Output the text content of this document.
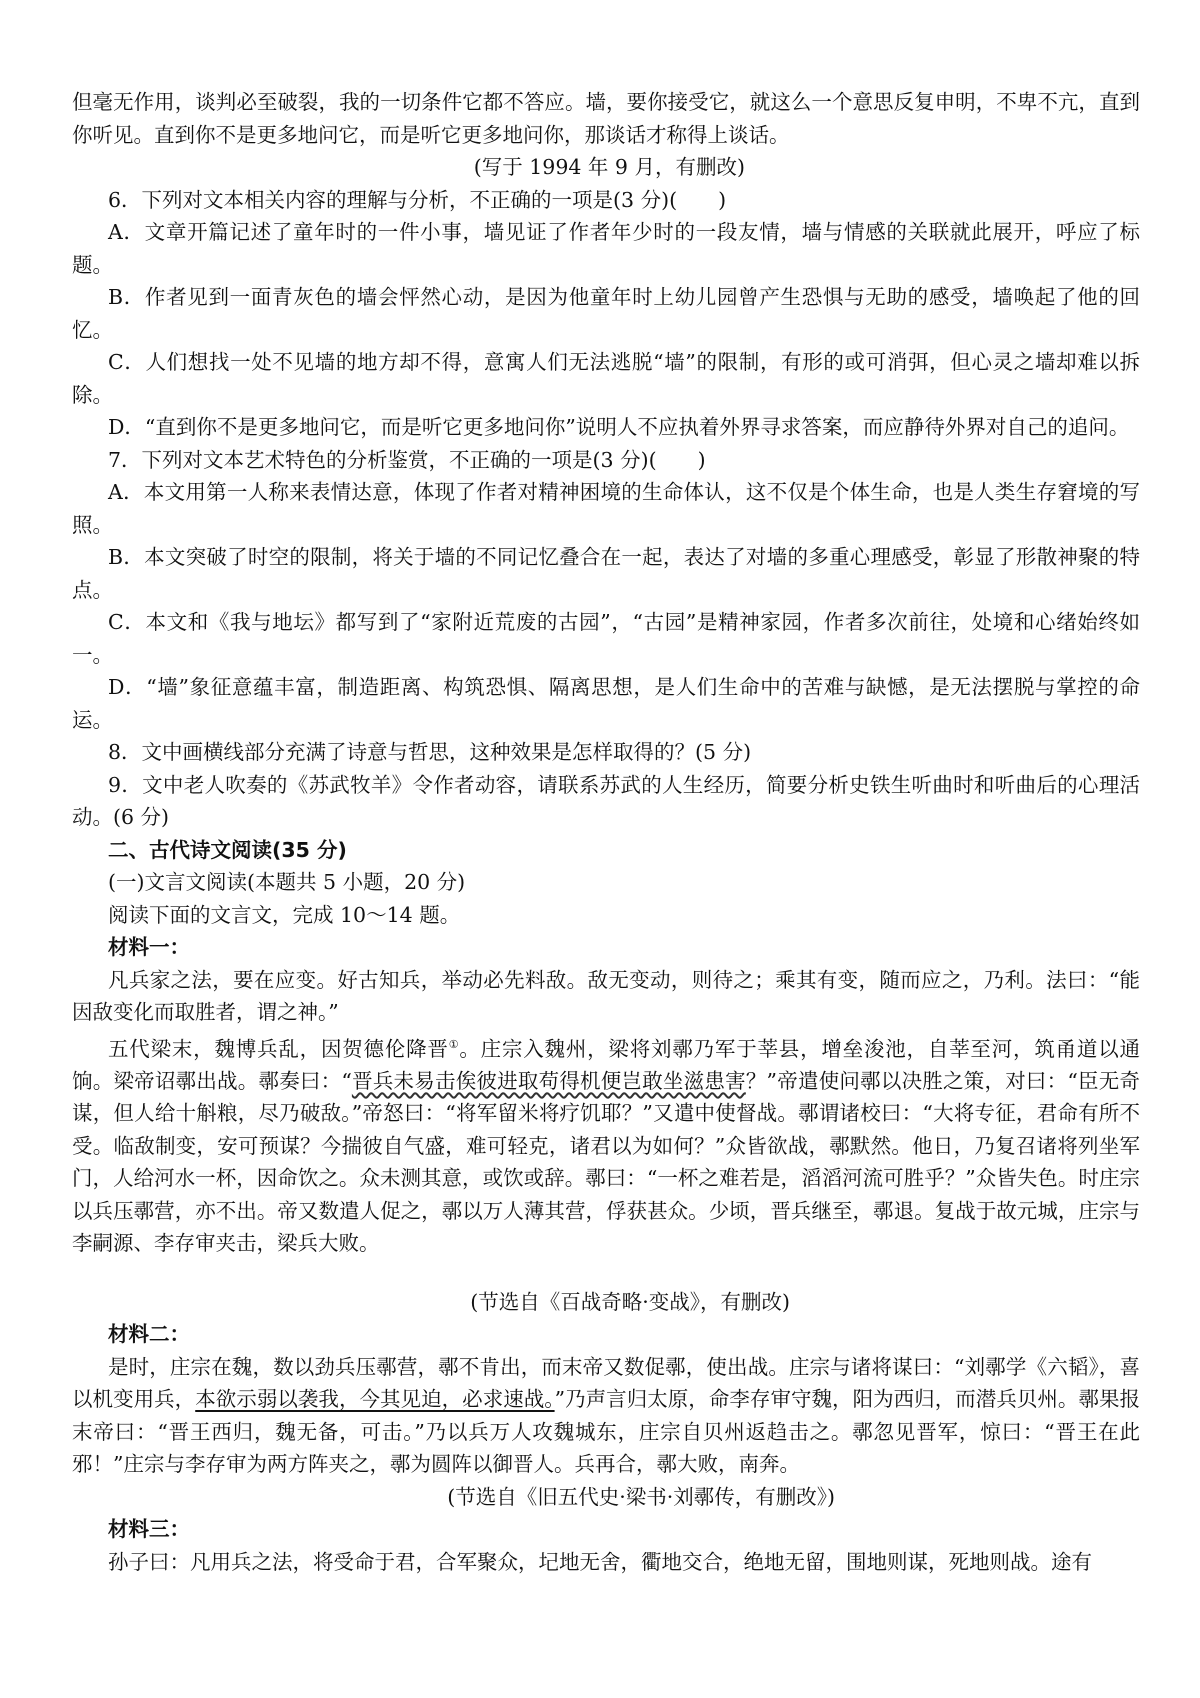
但毫无作用，谈判必至破裂，我的一切条件它都不答应。墙，要你接受它，就这么一个意思反复申明，不卑不亢，直到你听见。直到你不是更多地问它，而是听它更多地问你，那谈话才称得上谈话。

(写于 1994 年 9 月，有删改)

6．下列对文本相关内容的理解与分析，不正确的一项是(3 分)(　　)

A．文章开篇记述了童年时的一件小事，墙见证了作者年少时的一段友情，墙与情感的关联就此展开，呼应了标题。

B．作者见到一面青灰色的墙会怦然心动，是因为他童年时上幼儿园曾产生恐惧与无助的感受，墙唤起了他的回忆。

C．人们想找一处不见墙的地方却不得，意寓人们无法逃脱“墙”的限制，有形的或可消弭，但心灵之墙却难以拆除。

D．“直到你不是更多地问它，而是听它更多地问你”说明人不应执着外界寻求答案，而应静待外界对自己的追问。

7．下列对文本艺术特色的分析鉴赏，不正确的一项是(3 分)(　　)

A．本文用第一人称来表情达意，体现了作者对精神困境的生命体认，这不仅是个体生命，也是人类生存窘境的写照。

B．本文突破了时空的限制，将关于墙的不同记忆叠合在一起，表达了对墙的多重心理感受，彰显了形散神聚的特点。

C．本文和《我与地坛》都写到了“家附近荒废的古园”，“古园”是精神家园，作者多次前往，处境和心绪始终如一。

D．“墙”象征意蕴丰富，制造距离、构筑恐惧、隔离思想，是人们生命中的苦难与缺憾，是无法摆脱与掌控的命运。

8．文中画横线部分充满了诗意与哲思，这种效果是怎样取得的？(5 分)

9．文中老人吹奏的《苏武牧羊》令作者动容，请联系苏武的人生经历，简要分析史铁生听曲时和听曲后的心理活动。(6 分)

二、古代诗文阅读(35 分)

(一)文言文阅读(本题共 5 小题，20 分)

阅读下面的文言文，完成 10～14 题。

材料一：

凡兵家之法，要在应变。好古知兵，举动必先料敌。敌无变动，则待之；乘其有变，随而应之，乃利。法曰：“能因敌变化而取胜者，谓之神。”

五代梁末，魏博兵乱，因贺德伦降晋①。庄宗入魏州，梁将刘鄩乃军于莘县，增垒浚池，自莘至河，筑甬道以通饷。梁帝诏鄩出战。鄩奏曰：“晋兵未易击俟彼进取苟得机便岂敢坐滋患害？”帝遣使问鄩以决胜之策，对曰：“臣无奇谋，但人给十斛粮，尽乃破敌。”帝怒曰：“将军留米将疗饥耶？”又遣中使督战。鄩谓诸校曰：“大将专征，君命有所不受。临敌制变，安可预谋？今揣彼自气盛，难可轻克，诸君以为如何？”众皆欲战，鄩默然。他日，乃复召诸将列坐军门，人给河水一杯，因命饮之。众未测其意，或饮或辞。鄩曰：“一杯之难若是，滔滔河流可胜乎？”众皆失色。时庄宗以兵压鄩营，亦不出。帝又数遣人促之，鄩以万人薄其营，俘获甚众。少顷，晋兵继至，鄩退。复战于故元城，庄宗与李嗣源、李存审夹击，梁兵大败。

(节选自《百战奇略·变战》，有删改)

材料二：

是时，庄宗在魏，数以劲兵压鄩营，鄩不肯出，而末帝又数促鄩，使出战。庄宗与诸将谋曰：“刘鄩学《六韬》，喜以机变用兵，本欲示弱以袭我，今其见迫，必求速战。”乃声言归太原，命李存审守魏，阳为西归，而潜兵贝州。鄩果报末帝曰：“晋王西归，魏无备，可击。”乃以兵万人攻魏城东，庄宗自贝州返趋击之。鄩忽见晋军，惊曰：“晋王在此邪！”庄宗与李存审为两方阵夹之，鄩为圆阵以御晋人。兵再合，鄩大败，南奔。

(节选自《旧五代史·梁书·刘鄩传，有删改》)

材料三：

孙子曰：凡用兵之法，将受命于君，合军聚众，圮地无舍，衢地交合，绝地无留，围地则谋，死地则战。途有
